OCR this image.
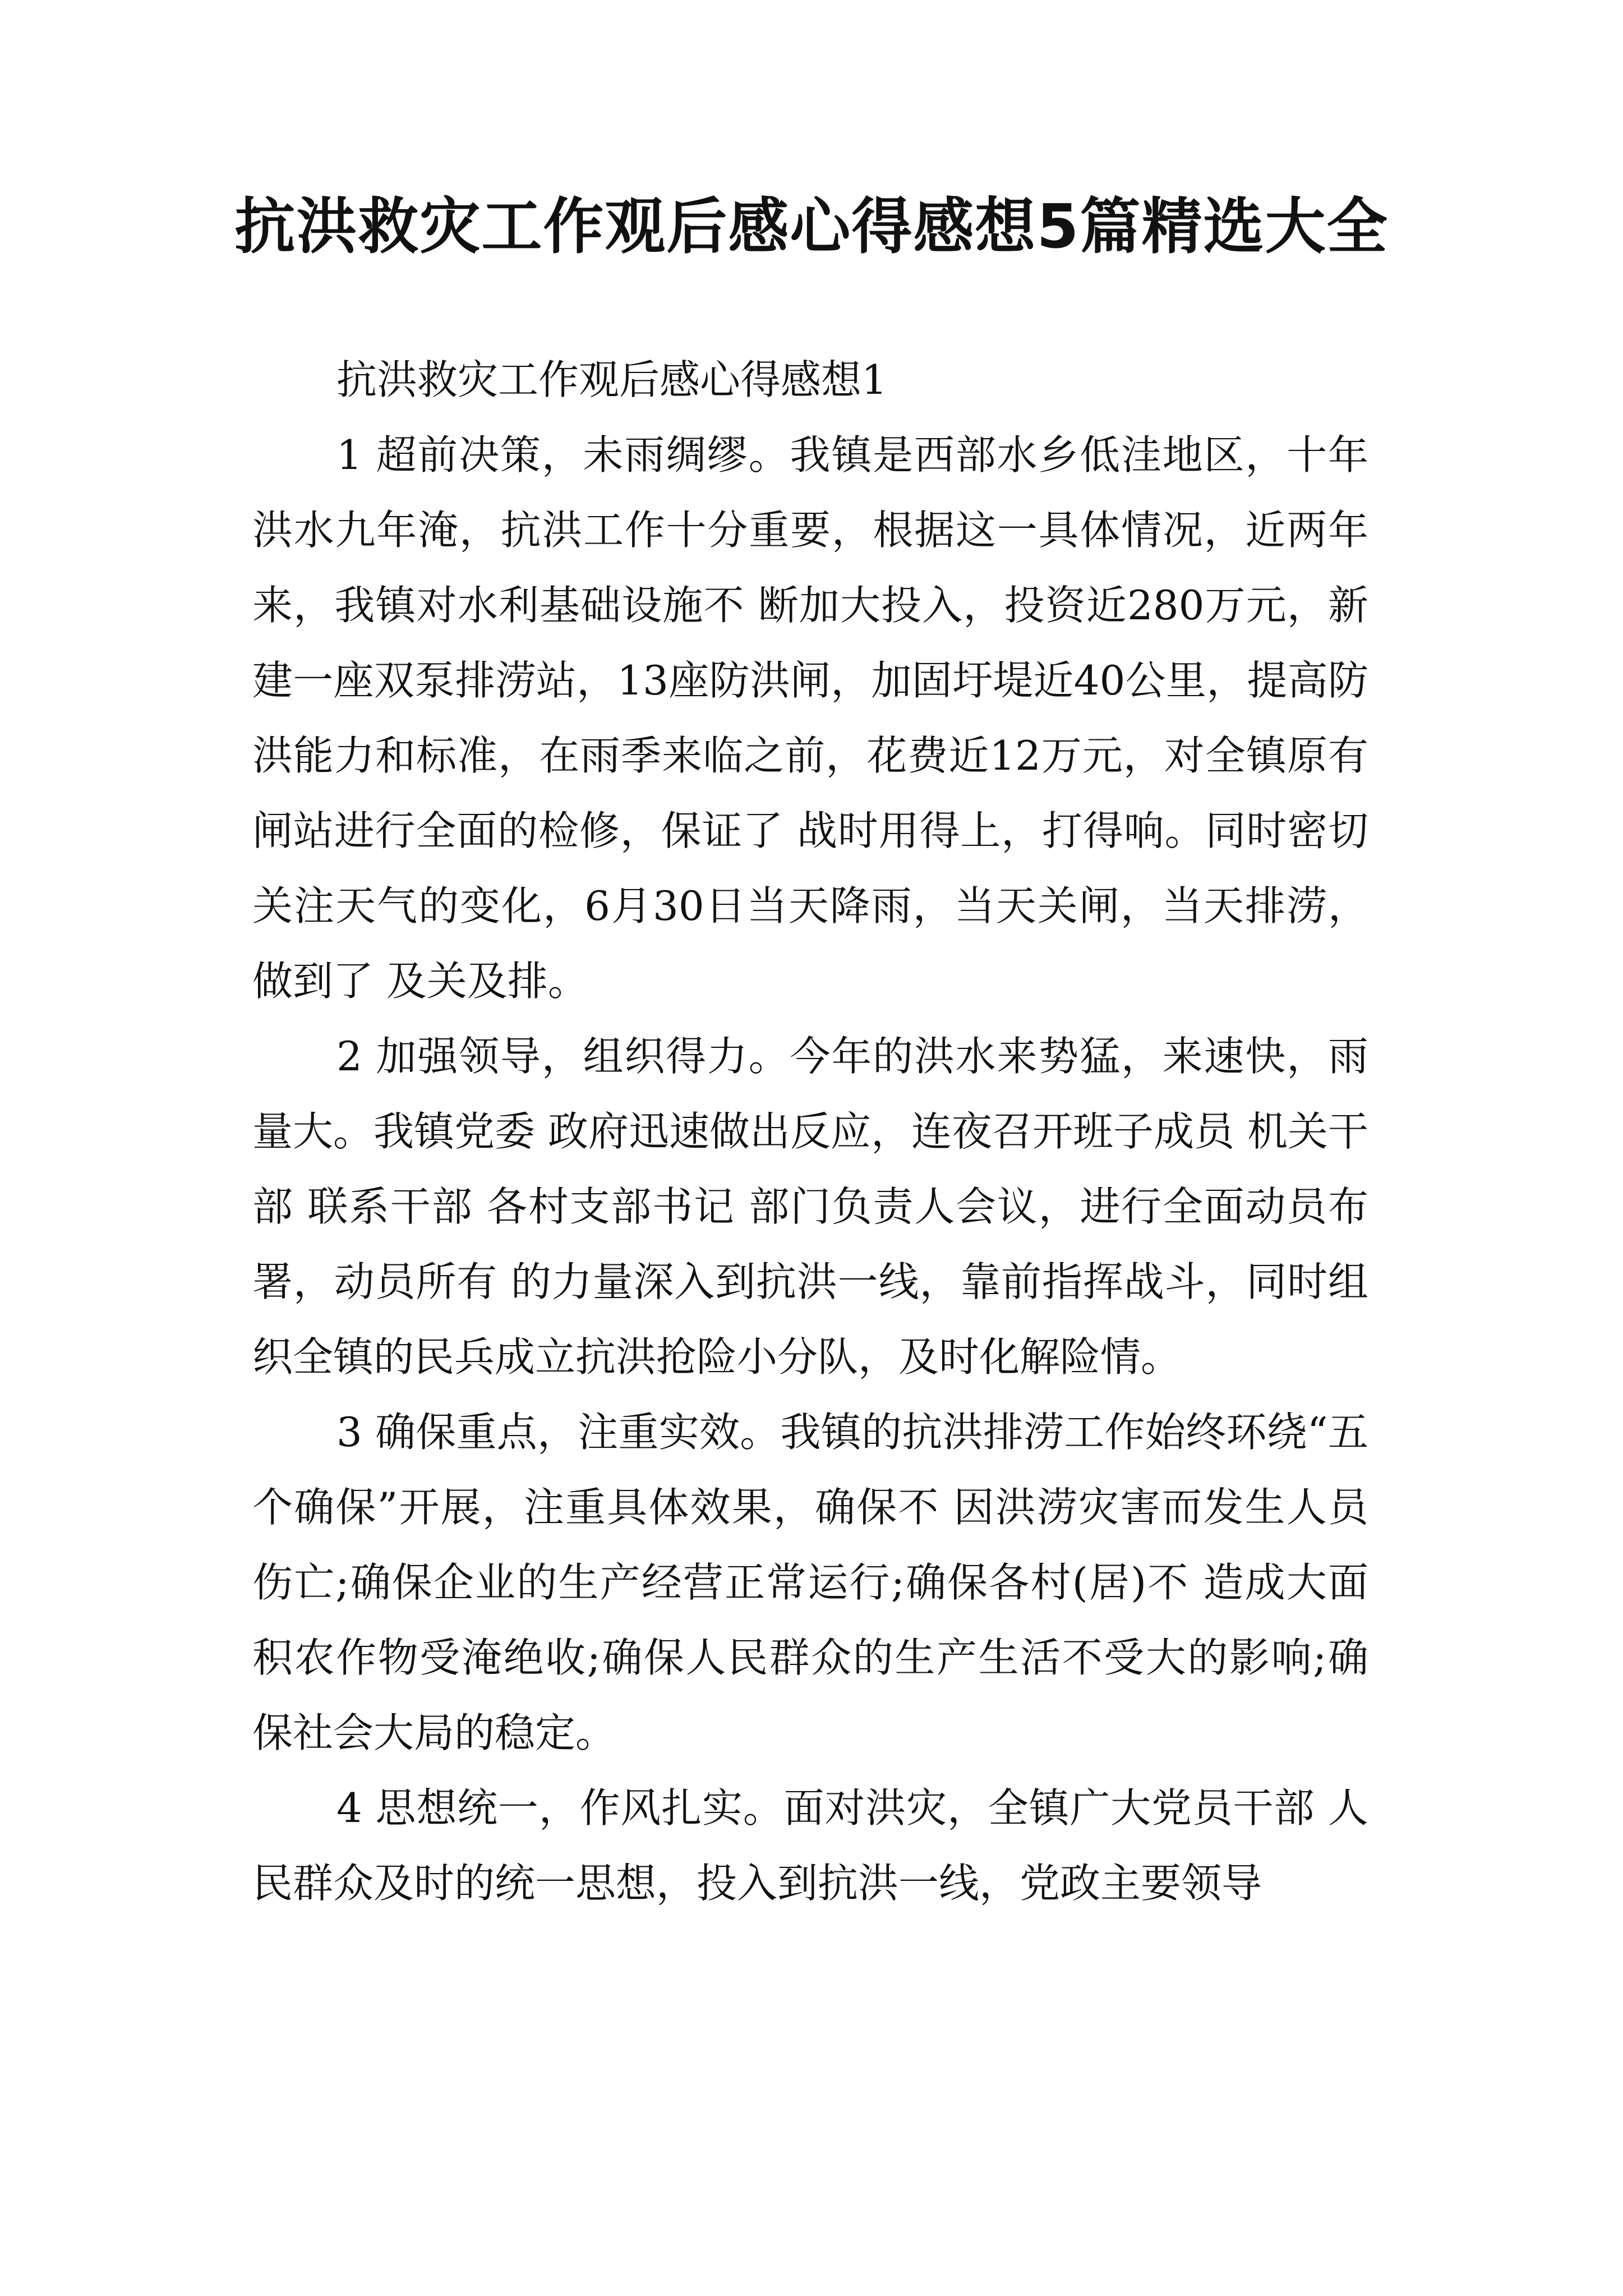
抗洪救灾工作观后感心得感想5篇精选大全

抗洪救灾工作观后感心得感想1

1 超前决策，未雨绸缪。我镇是西部水乡低洼地区，十年洪水九年淹，抗洪工作十分重要，根据这一具体情况，近两年来，我镇对水利基础设施不 断加大投入，投资近280万元，新建一座双泵排涝站，13座防洪闸，加固圩堤近40公里，提高防洪能力和标准，在雨季来临之前，花费近12万元，对全镇原有 闸站进行全面的检修，保证了 战时用得上，打得响。同时密切关注天气的变化，6月30日当天降雨，当天关闸，当天排涝，做到了 及关及排。

2 加强领导，组织得力。今年的洪水来势猛，来速快，雨量大。我镇党委 政府迅速做出反应，连夜召开班子成员 机关干部 联系干部 各村支部书记 部门负责人会议，进行全面动员布署，动员所有 的力量深入到抗洪一线，靠前指挥战斗，同时组织全镇的民兵成立抗洪抢险小分队，及时化解险情。

3 确保重点，注重实效。我镇的抗洪排涝工作始终环绕“五个确保”开展，注重具体效果，确保不 因洪涝灾害而发生人员伤亡;确保企业的生产经营正常运行;确保各村(居)不 造成大面积农作物受淹绝收;确保人民群众的生产生活不受大的影响;确保社会大局的稳定。

4 思想统一，作风扎实。面对洪灾，全镇广大党员干部 人民群众及时的统一思想，投入到抗洪一线，党政主要领导
